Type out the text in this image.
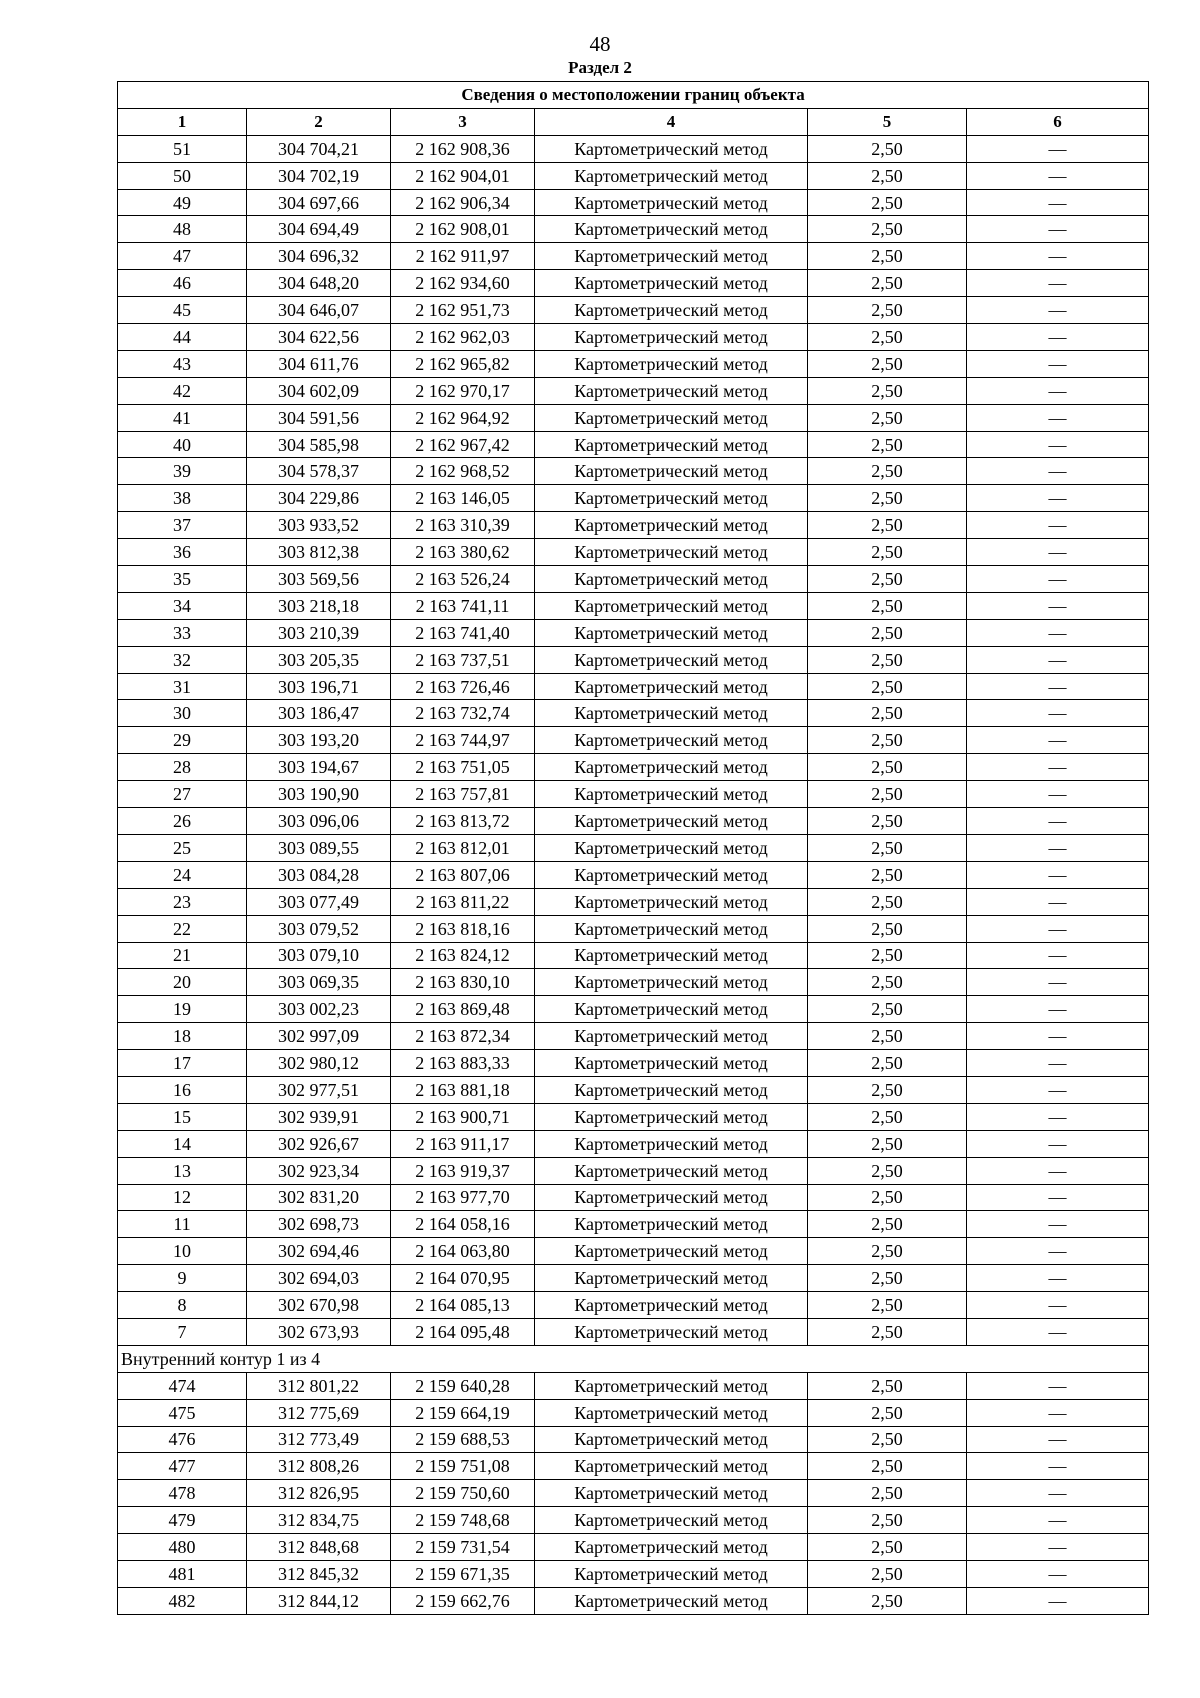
48
Раздел 2
Сведения о местоположении границ объекта					
1	2	3	4	5	6
51	304 704,21	2 162 908,36	Картометрический метод	2,50	—
50	304 702,19	2 162 904,01	Картометрический метод	2,50	—
49	304 697,66	2 162 906,34	Картометрический метод	2,50	—
48	304 694,49	2 162 908,01	Картометрический метод	2,50	—
47	304 696,32	2 162 911,97	Картометрический метод	2,50	—
46	304 648,20	2 162 934,60	Картометрический метод	2,50	—
45	304 646,07	2 162 951,73	Картометрический метод	2,50	—
44	304 622,56	2 162 962,03	Картометрический метод	2,50	—
43	304 611,76	2 162 965,82	Картометрический метод	2,50	—
42	304 602,09	2 162 970,17	Картометрический метод	2,50	—
41	304 591,56	2 162 964,92	Картометрический метод	2,50	—
40	304 585,98	2 162 967,42	Картометрический метод	2,50	—
39	304 578,37	2 162 968,52	Картометрический метод	2,50	—
38	304 229,86	2 163 146,05	Картометрический метод	2,50	—
37	303 933,52	2 163 310,39	Картометрический метод	2,50	—
36	303 812,38	2 163 380,62	Картометрический метод	2,50	—
35	303 569,56	2 163 526,24	Картометрический метод	2,50	—
34	303 218,18	2 163 741,11	Картометрический метод	2,50	—
33	303 210,39	2 163 741,40	Картометрический метод	2,50	—
32	303 205,35	2 163 737,51	Картометрический метод	2,50	—
31	303 196,71	2 163 726,46	Картометрический метод	2,50	—
30	303 186,47	2 163 732,74	Картометрический метод	2,50	—
29	303 193,20	2 163 744,97	Картометрический метод	2,50	—
28	303 194,67	2 163 751,05	Картометрический метод	2,50	—
27	303 190,90	2 163 757,81	Картометрический метод	2,50	—
26	303 096,06	2 163 813,72	Картометрический метод	2,50	—
25	303 089,55	2 163 812,01	Картометрический метод	2,50	—
24	303 084,28	2 163 807,06	Картометрический метод	2,50	—
23	303 077,49	2 163 811,22	Картометрический метод	2,50	—
22	303 079,52	2 163 818,16	Картометрический метод	2,50	—
21	303 079,10	2 163 824,12	Картометрический метод	2,50	—
20	303 069,35	2 163 830,10	Картометрический метод	2,50	—
19	303 002,23	2 163 869,48	Картометрический метод	2,50	—
18	302 997,09	2 163 872,34	Картометрический метод	2,50	—
17	302 980,12	2 163 883,33	Картометрический метод	2,50	—
16	302 977,51	2 163 881,18	Картометрический метод	2,50	—
15	302 939,91	2 163 900,71	Картометрический метод	2,50	—
14	302 926,67	2 163 911,17	Картометрический метод	2,50	—
13	302 923,34	2 163 919,37	Картометрический метод	2,50	—
12	302 831,20	2 163 977,70	Картометрический метод	2,50	—
11	302 698,73	2 164 058,16	Картометрический метод	2,50	—
10	302 694,46	2 164 063,80	Картометрический метод	2,50	—
9	302 694,03	2 164 070,95	Картометрический метод	2,50	—
8	302 670,98	2 164 085,13	Картометрический метод	2,50	—
7	302 673,93	2 164 095,48	Картометрический метод	2,50	—
Внутренний контур 1 из 4					
474	312 801,22	2 159 640,28	Картометрический метод	2,50	—
475	312 775,69	2 159 664,19	Картометрический метод	2,50	—
476	312 773,49	2 159 688,53	Картометрический метод	2,50	—
477	312 808,26	2 159 751,08	Картометрический метод	2,50	—
478	312 826,95	2 159 750,60	Картометрический метод	2,50	—
479	312 834,75	2 159 748,68	Картометрический метод	2,50	—
480	312 848,68	2 159 731,54	Картометрический метод	2,50	—
481	312 845,32	2 159 671,35	Картометрический метод	2,50	—
482	312 844,12	2 159 662,76	Картометрический метод	2,50	—
